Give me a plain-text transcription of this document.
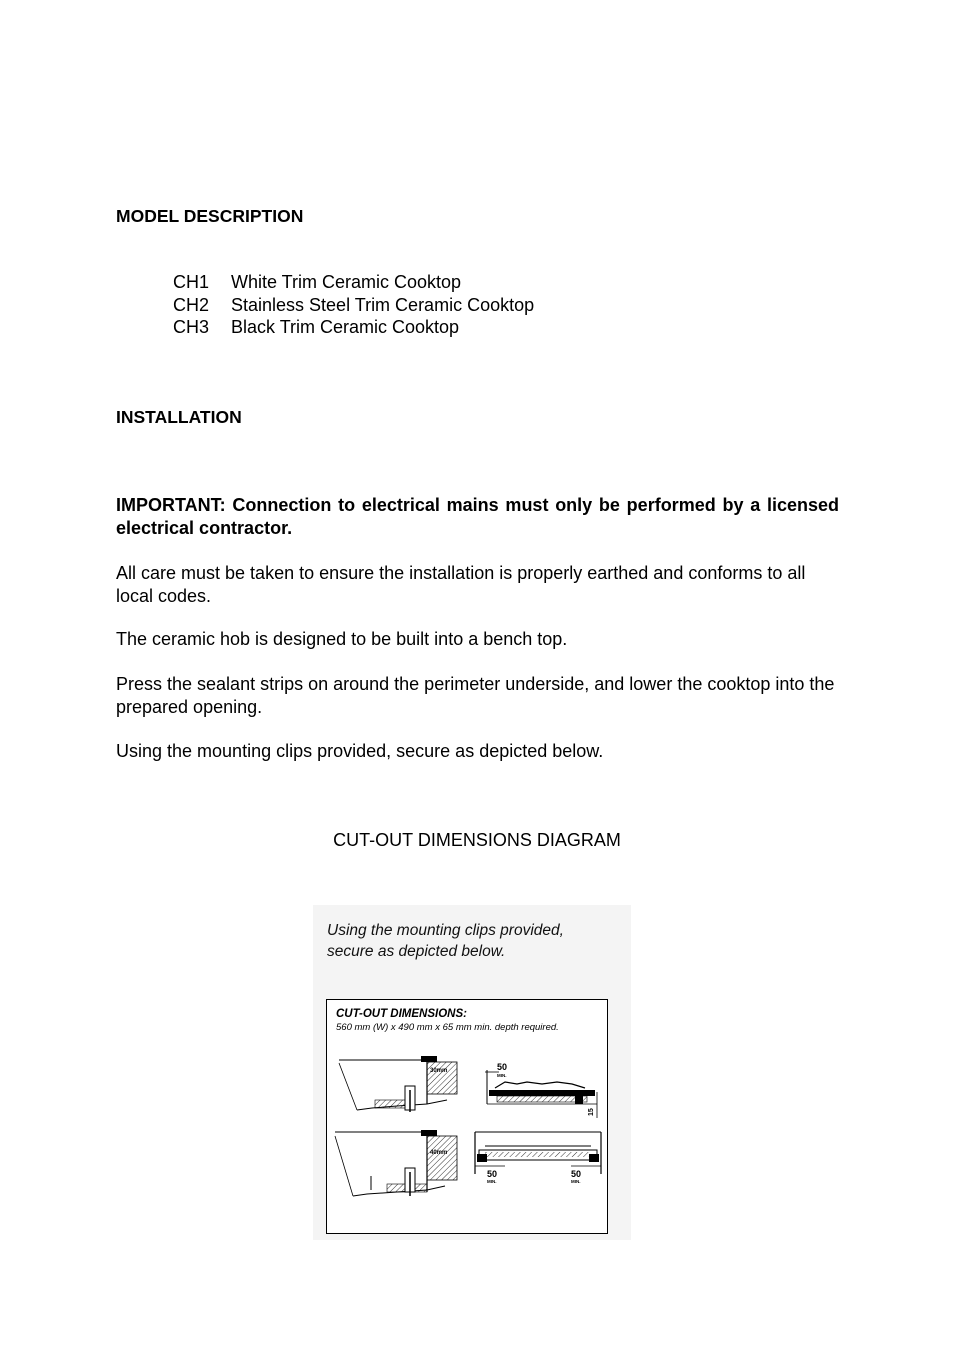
MODEL DESCRIPTION
CH1 White Trim Ceramic Cooktop
CH2 Stainless Steel Trim Ceramic Cooktop
CH3 Black Trim Ceramic Cooktop
INSTALLATION
IMPORTANT: Connection to electrical mains must only be performed by a licensed electrical contractor.
All care must be taken to ensure the installation is properly earthed and conforms to all local codes.
The ceramic hob is designed to be built into a bench top.
Press the sealant strips on around the perimeter underside, and lower the cooktop into the prepared opening.
Using the mounting clips provided, secure as depicted below.
CUT-OUT DIMENSIONS DIAGRAM
Using the mounting clips provided, secure as depicted below.
CUT-OUT DIMENSIONS:
560 mm (W) x 490 mm x 65 mm min. depth required.
30mm
40mm
50
MIN.
15
50
MIN.
50
MIN.
